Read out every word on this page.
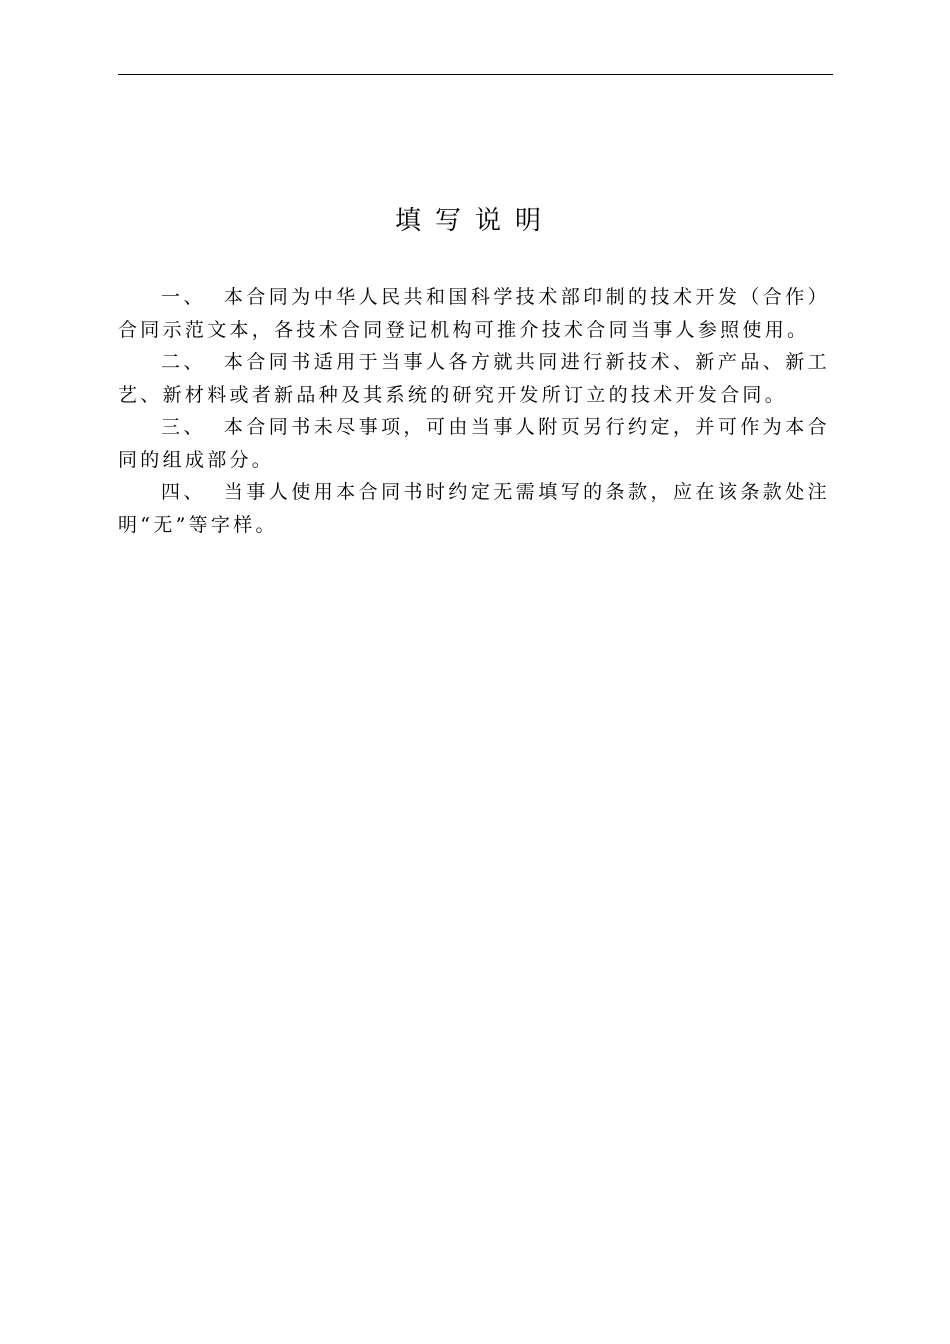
填写说明

一、 本合同为中华人民共和国科学技术部印制的技术开发（合作）合同示范文本，各技术合同登记机构可推介技术合同当事人参照使用。

二、 本合同书适用于当事人各方就共同进行新技术、新产品、新工艺、新材料或者新品种及其系统的研究开发所订立的技术开发合同。

三、 本合同书未尽事项，可由当事人附页另行约定，并可作为本合同的组成部分。

四、 当事人使用本合同书时约定无需填写的条款，应在该条款处注明“无”等字样。
